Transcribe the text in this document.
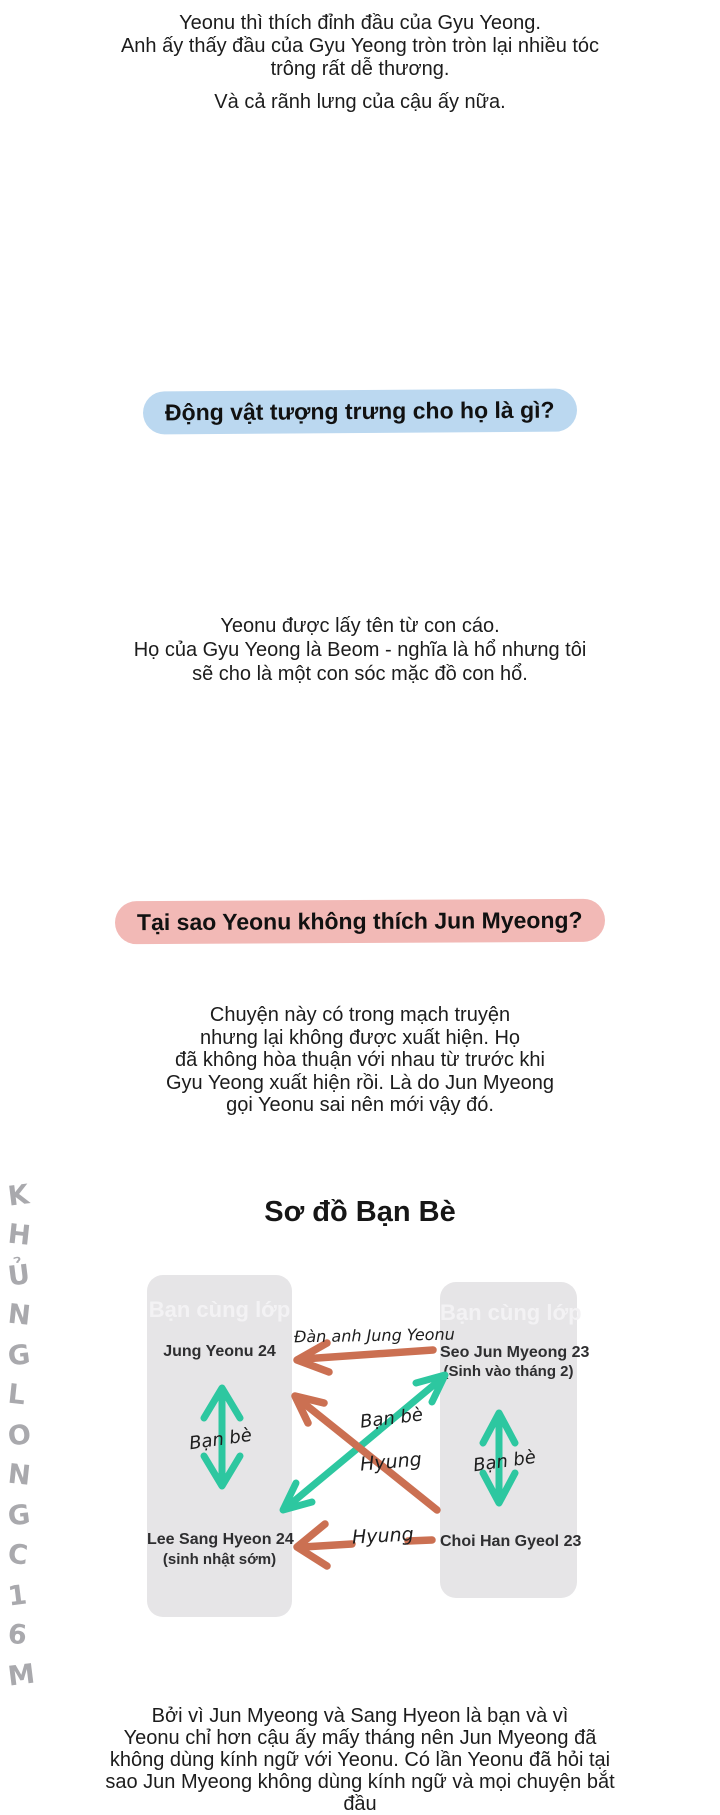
Yeonu thì thích đỉnh đầu của Gyu Yeong.
Anh ấy thấy đầu của Gyu Yeong tròn tròn lại nhiều tóc
trông rất dễ thương.
Và cả rãnh lưng của cậu ấy nữa.
Động vật tượng trưng cho họ là gì?
Yeonu được lấy tên từ con cáo.
Họ của Gyu Yeong là Beom - nghĩa là hổ nhưng tôi
sẽ cho là một con sóc mặc đồ con hổ.
Tại sao Yeonu không thích Jun Myeong?
Chuyện này có trong mạch truyện
nhưng lại không được xuất hiện. Họ
đã không hòa thuận với nhau từ trước khi
Gyu Yeong xuất hiện rồi. Là do Jun Myeong
gọi Yeonu sai nên mới vậy đó.
Sơ đồ Bạn Bè
K
H
Ủ
N
G
L
O
N
G
C
1
6
M
Bạn cùng lớp
Jung Yeonu 24
Lee Sang Hyeon 24
(sinh nhật sớm)
Bạn cùng lớp
Seo Jun Myeong 23
(Sinh vào tháng 2)
Choi Han Gyeol 23
Đàn anh Jung Yeonu
Bạn bè
Bạn bè
Bạn bè
Hyung
Hyung
Bởi vì Jun Myeong và Sang Hyeon là bạn và vì
Yeonu chỉ hơn cậu ấy mấy tháng nên Jun Myeong đã
không dùng kính ngữ với Yeonu. Có lần Yeonu đã hỏi tại
sao Jun Myeong không dùng kính ngữ và mọi chuyện bắt
đầu
